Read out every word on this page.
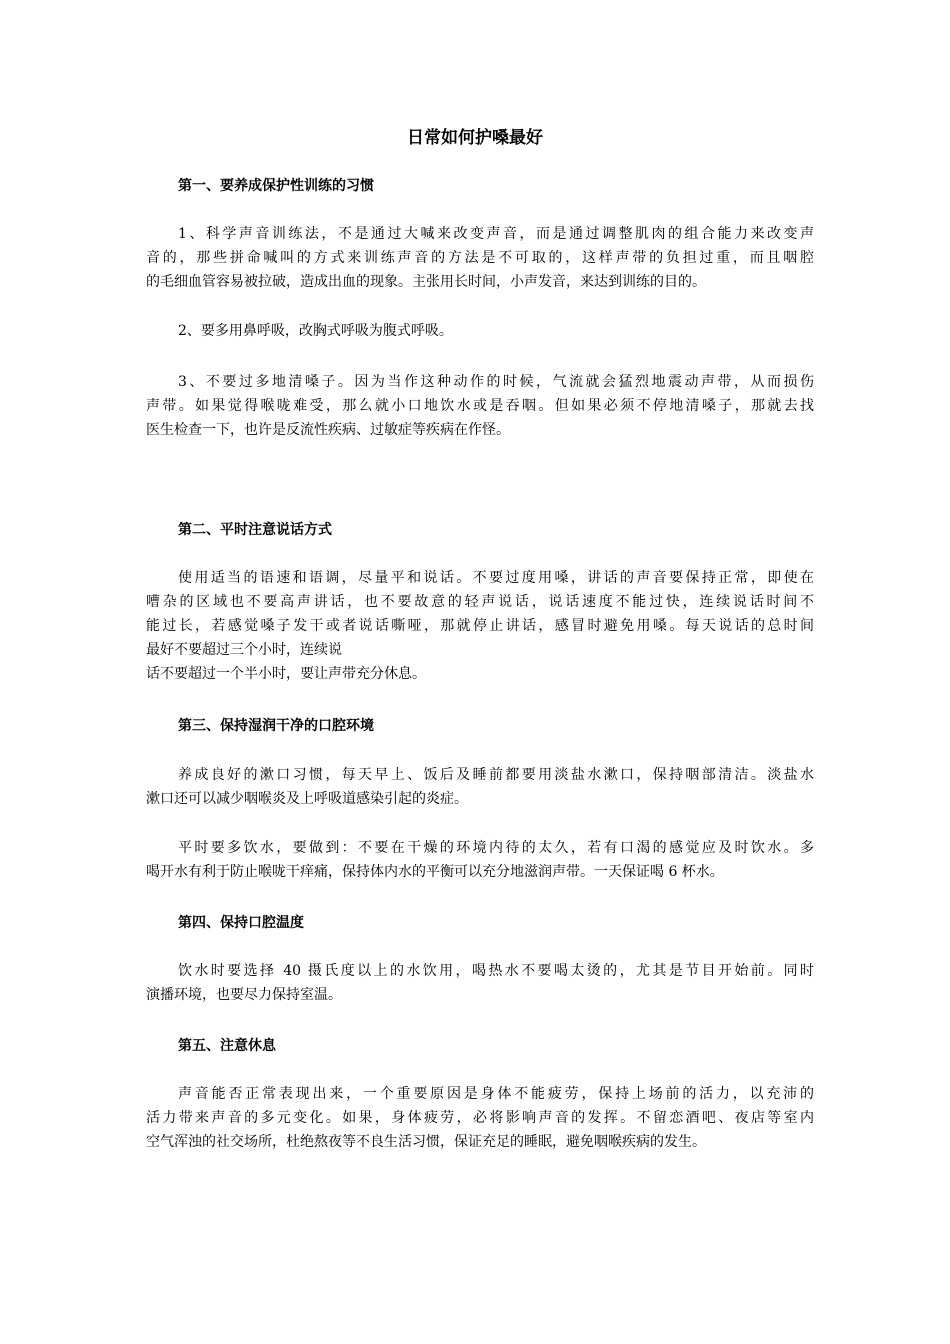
日常如何护嗓最好
第一、要养成保护性训练的习惯

1、科学声音训练法，不是通过大喊来改变声音，而是通过调整肌肉的组合能力来改变声
音的，那些拼命喊叫的方式来训练声音的方法是不可取的，这样声带的负担过重，而且咽腔
的毛细血管容易被拉破，造成出血的现象。主张用长时间，小声发音，来达到训练的目的。

2、要多用鼻呼吸，改胸式呼吸为腹式呼吸。

3、不要过多地清嗓子。因为当作这种动作的时候，气流就会猛烈地震动声带，从而损伤
声带。如果觉得喉咙难受，那么就小口地饮水或是吞咽。但如果必须不停地清嗓子，那就去找
医生检查一下，也许是反流性疾病、过敏症等疾病在作怪。

第二、平时注意说话方式

使用适当的语速和语调，尽量平和说话。不要过度用嗓，讲话的声音要保持正常，即使在
嘈杂的区域也不要高声讲话，也不要故意的轻声说话，说话速度不能过快，连续说话时间不
能过长，若感觉嗓子发干或者说话嘶哑，那就停止讲话，感冒时避免用嗓。每天说话的总时间
最好不要超过三个小时，连续说
话不要超过一个半小时，要让声带充分休息。

第三、保持湿润干净的口腔环境

养成良好的漱口习惯，每天早上、饭后及睡前都要用淡盐水漱口，保持咽部清洁。淡盐水
漱口还可以减少咽喉炎及上呼吸道感染引起的炎症。

平时要多饮水，要做到：不要在干燥的环境内待的太久，若有口渴的感觉应及时饮水。多
喝开水有利于防止喉咙干痒痛，保持体内水的平衡可以充分地滋润声带。一天保证喝 6 杯水。

第四、保持口腔温度

饮水时要选择 40 摄氏度以上的水饮用，喝热水不要喝太烫的，尤其是节目开始前。同时
演播环境，也要尽力保持室温。

第五、注意休息

声音能否正常表现出来，一个重要原因是身体不能疲劳，保持上场前的活力，以充沛的
活力带来声音的多元变化。如果，身体疲劳，必将影响声音的发挥。不留恋酒吧、夜店等室内
空气浑浊的社交场所，杜绝熬夜等不良生活习惯，保证充足的睡眠，避免咽喉疾病的发生。
